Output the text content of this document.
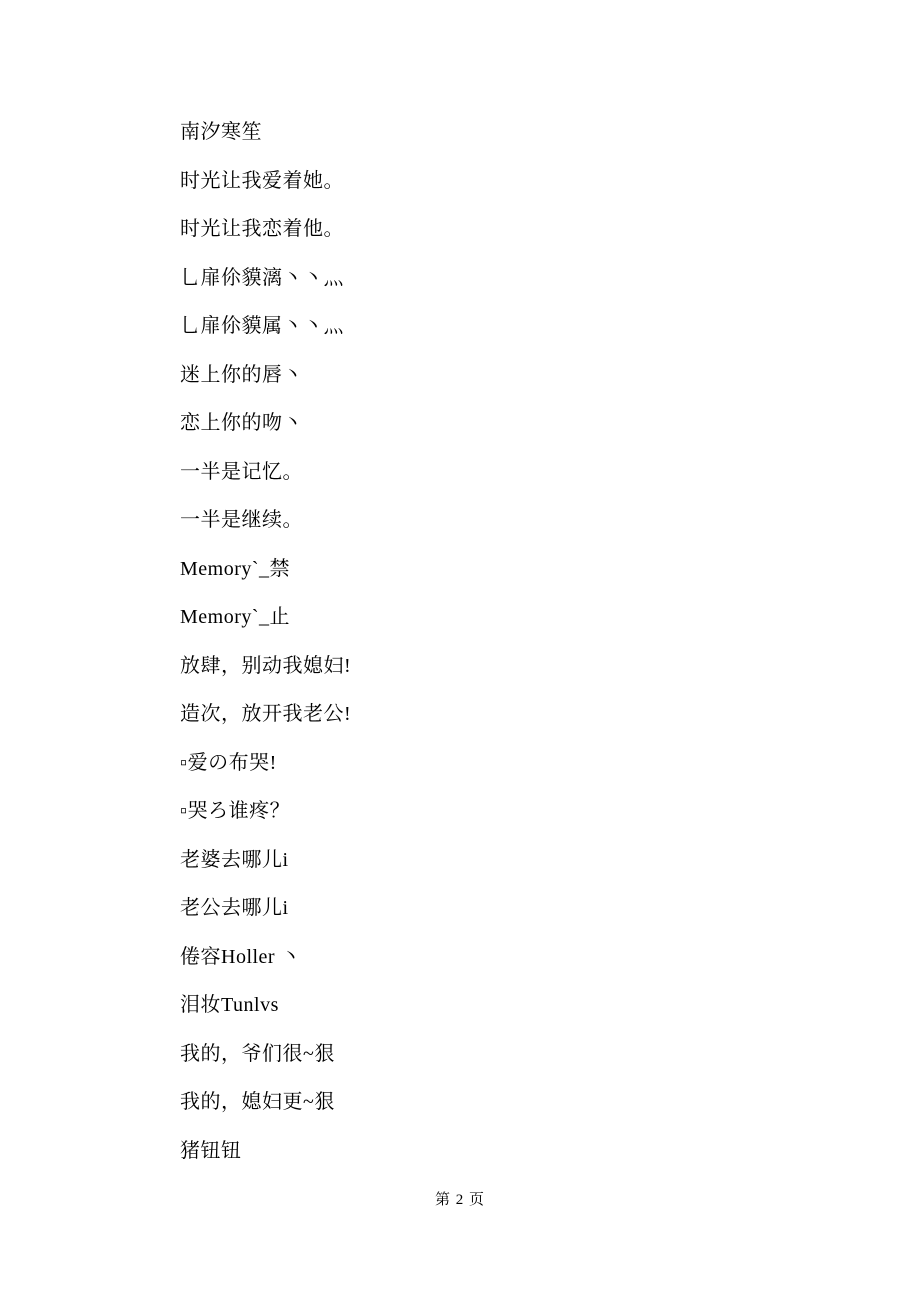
南汐寒笙
时光让我爱着她。
时光让我恋着他。
乚扉伱貘漓丶丶灬
乚扉伱貘属丶丶灬
迷上你的唇丶
恋上你的吻丶
一半是记忆。
一半是继续。
Memory`_禁
Memory`_止
放肆，别动我媳妇!
造次，放开我老公!
▫爱の布哭!
▫哭ろ谁疼？
老婆去哪儿i
老公去哪儿i
倦容Holler 丶
泪妆Tunlvs
我的，爷们很~狠
我的，媳妇更~狠
猪钮钮
第 2 页
